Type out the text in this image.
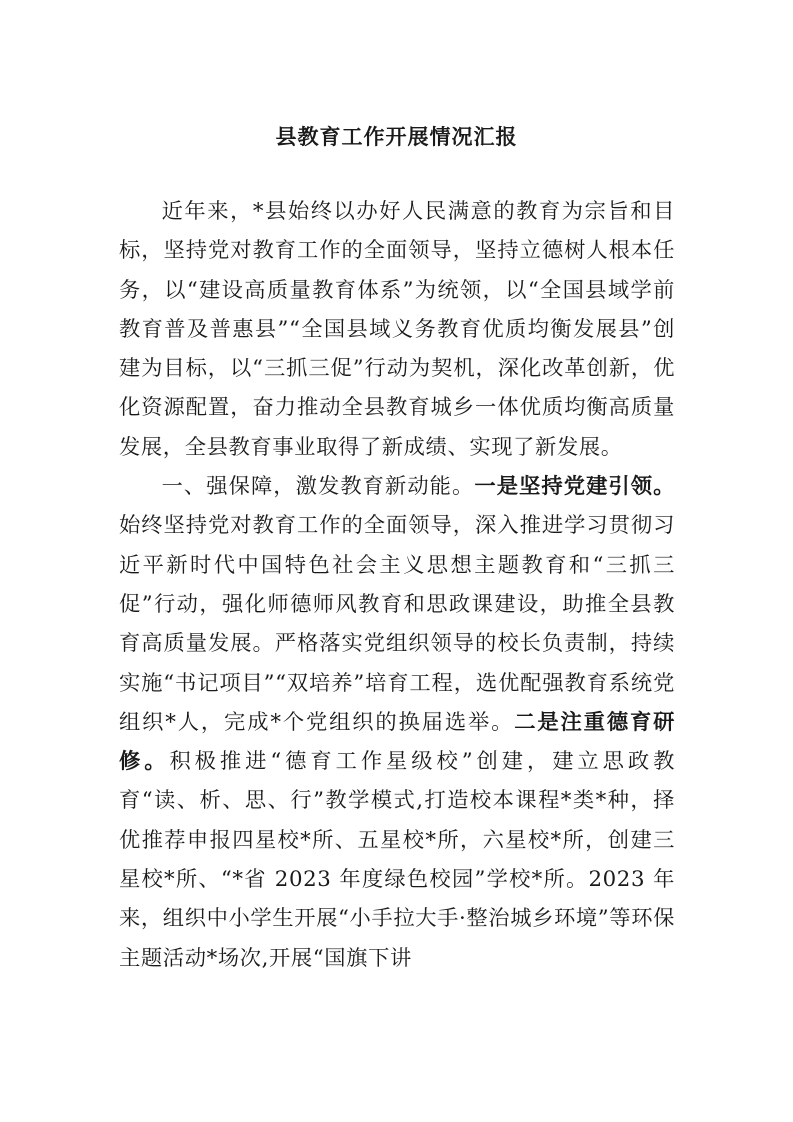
县教育工作开展情况汇报

近年来，*县始终以办好人民满意的教育为宗旨和目标，坚持党对教育工作的全面领导，坚持立德树人根本任务，以“建设高质量教育体系”为统领，以“全国县域学前教育普及普惠县”“全国县域义务教育优质均衡发展县”创建为目标，以“三抓三促”行动为契机，深化改革创新，优化资源配置，奋力推动全县教育城乡一体优质均衡高质量发展，全县教育事业取得了新成绩、实现了新发展。

一、强保障，激发教育新动能。一是坚持党建引领。始终坚持党对教育工作的全面领导，深入推进学习贯彻习近平新时代中国特色社会主义思想主题教育和“三抓三促”行动，强化师德师风教育和思政课建设，助推全县教育高质量发展。严格落实党组织领导的校长负责制，持续实施“书记项目”“双培养”培育工程，选优配强教育系统党组织*人，完成*个党组织的换届选举。二是注重德育研修。积极推进“德育工作星级校”创建，建立思政教育“读、析、思、行”教学模式,打造校本课程*类*种，择优推荐申报四星校*所、五星校*所，六星校*所，创建三星校*所、“*省 2023 年度绿色校园”学校*所。2023 年来，组织中小学生开展“小手拉大手·整治城乡环境”等环保主题活动*场次,开展“国旗下讲
